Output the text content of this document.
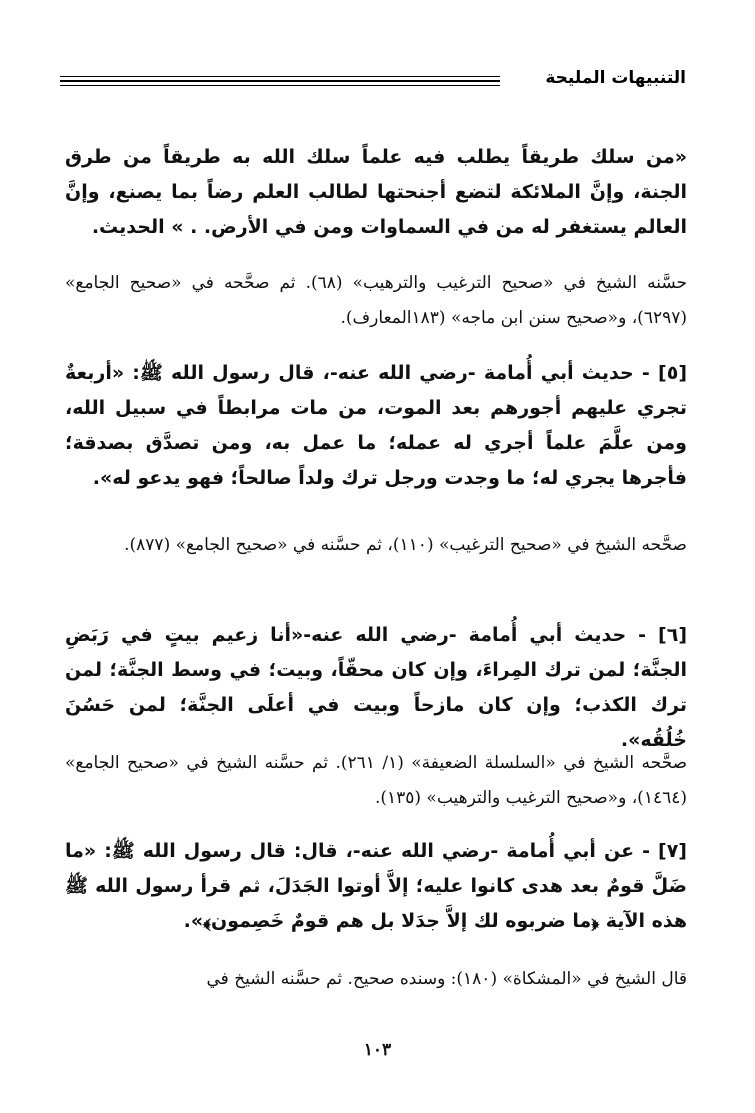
التنبيهات المليحة

«من سلك طريقاً يطلب فيه علماً سلك الله به طريقاً من طرق الجنة، وإنَّ الملائكة لتضع أجنحتها لطالب العلم رضاً بما يصنع، وإنَّ العالم يستغفر له من في السماوات ومن في الأرض. . » الحديث.

حسَّنه الشيخ في «صحيح الترغيب والترهيب» (٦٨). ثم صحَّحه في «صحيح الجامع» (٦٢٩٧)، و«صحيح سنن ابن ماجه» (١٨٣المعارف).

[٥] - حديث أبي أُمامة -رضي الله عنه-، قال رسول الله ﷺ: «أربعةٌ تجري عليهم أجورهم بعد الموت، من مات مرابطاً في سبيل الله، ومن علَّمَ علماً أجري له عمله؛ ما عمل به، ومن تصدَّق بصدقة؛ فأجرها يجري له؛ ما وجدت ورجل ترك ولداً صالحاً؛ فهو يدعو له».

صحَّحه الشيخ في «صحيح الترغيب» (١١٠)، ثم حسَّنه في «صحيح الجامع» (٨٧٧).

[٦] - حديث أبي أُمامة -رضي الله عنه-«أنا زعيم بيتٍ في رَبَضِ الجنَّة؛ لمن ترك المِراءَ، وإن كان محقّاً، وبيت؛ في وسط الجنَّة؛ لمن ترك الكذب؛ وإن كان مازحاً وبيت في أعلَى الجنَّة؛ لمن حَسُنَ خُلُقُه».

صحَّحه الشيخ في «السلسلة الضعيفة» (١/ ٢٦١). ثم حسَّنه الشيخ في «صحيح الجامع» (١٤٦٤)، و«صحيح الترغيب والترهيب» (١٣٥).

[٧] - عن أبي أُمامة -رضي الله عنه-، قال: قال رسول الله ﷺ: «ما ضَلَّ قومٌ بعد هدى كانوا عليه؛ إلاَّ أوتوا الجَدَلَ، ثم قرأ رسول الله ﷺ هذه الآية ﴿ما ضربوه لك إلاَّ جدَلا بل هم قومٌ خَصِمون﴾».

قال الشيخ في «المشكاة» (١٨٠): وسنده صحيح. ثم حسَّنه الشيخ في

١٠٣
